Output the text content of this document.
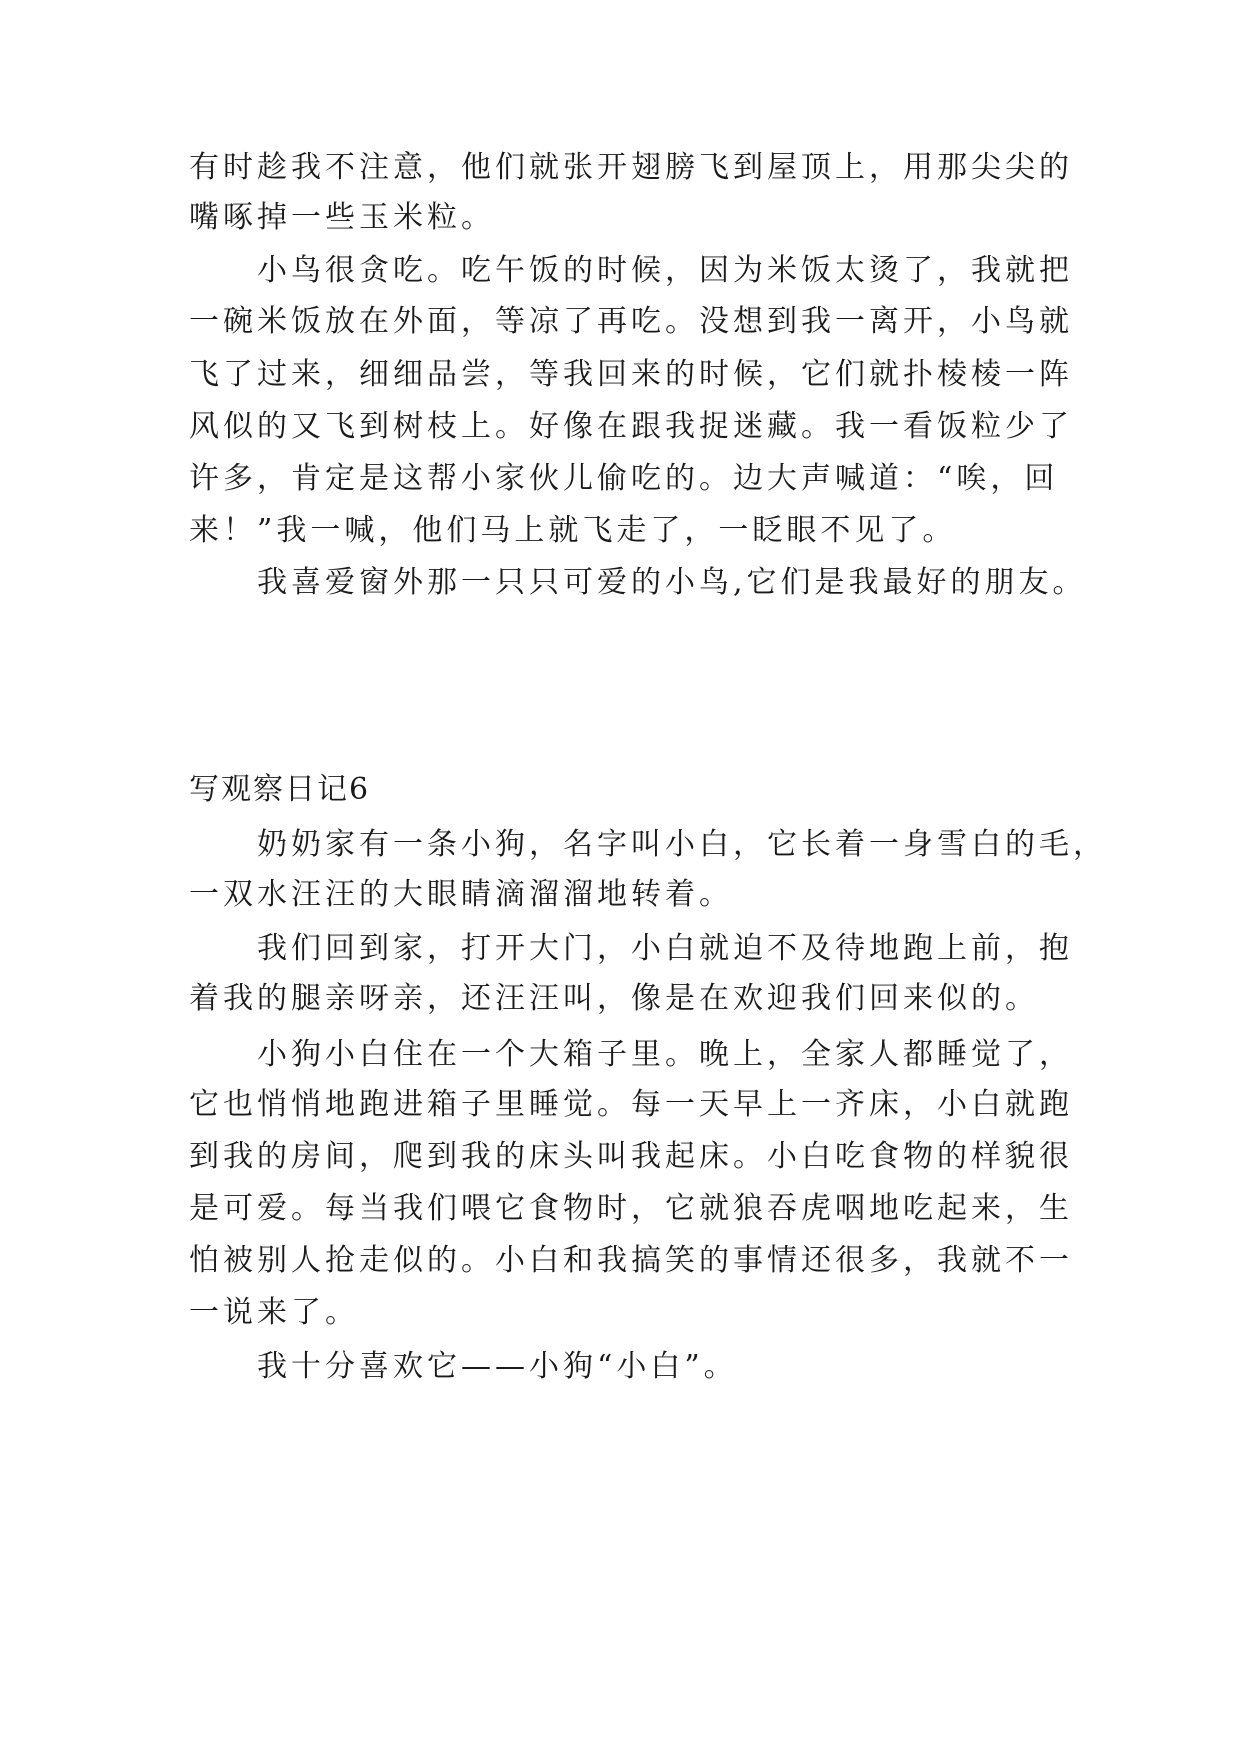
有时趁我不注意，他们就张开翅膀飞到屋顶上，用那尖尖的
嘴啄掉一些玉米粒。
小鸟很贪吃。吃午饭的时候，因为米饭太烫了，我就把
一碗米饭放在外面，等凉了再吃。没想到我一离开，小鸟就
飞了过来，细细品尝，等我回来的时候，它们就扑棱棱一阵
风似的又飞到树枝上。好像在跟我捉迷藏。我一看饭粒少了
许多，肯定是这帮小家伙儿偷吃的。边大声喊道：“唉，回
来！”我一喊，他们马上就飞走了，一眨眼不见了。
我喜爱窗外那一只只可爱的小鸟,它们是我最好的朋友。
写观察日记6
奶奶家有一条小狗，名字叫小白，它长着一身雪白的毛，
一双水汪汪的大眼睛滴溜溜地转着。
我们回到家，打开大门，小白就迫不及待地跑上前，抱
着我的腿亲呀亲，还汪汪叫，像是在欢迎我们回来似的。
小狗小白住在一个大箱子里。晚上，全家人都睡觉了，
它也悄悄地跑进箱子里睡觉。每一天早上一齐床，小白就跑
到我的房间，爬到我的床头叫我起床。小白吃食物的样貌很
是可爱。每当我们喂它食物时，它就狼吞虎咽地吃起来，生
怕被别人抢走似的。小白和我搞笑的事情还很多，我就不一
一说来了。
我十分喜欢它——小狗“小白”。
